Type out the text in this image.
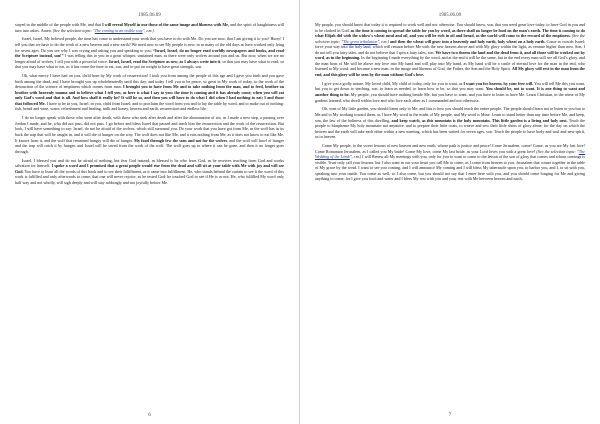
1985.06.09

stayed in the middle of the people with Me, and that I will reveal Myself in our those of the same image and likeness with Me, and the spirit of haughtiness will turn into ashes. Amen. (See the selection topic: "The coming in an visible way", r.m.)

Israel, Israel, My beloved people, the time has come to understand your work that you have to do with Me. Do you see now, that I am giving it to you? Hurry! I tell you that we have to do the work of a new heaven and a new earth? We need now to see My people is new, in as many of the old days as have worked only lying for seven ages. Do you see why I was crying and asking you and speaking to you: “Israel, Israel, do no longer read worldly newspapers and books, and read the Scripture instead, son!” I was telling this to you in a great whisper, unstained man, as there were only wolves around you and us. But now, when we are no longer afraid of wolves, I tell you with a powerful voice: Israel, Israel, read the Scripture as new, as I always write into it, so that you may have what to read, so that you may have what to eat, as it has come the time to eat, son, and to put on weight to have great strength, son.

Oh, what mercy I have had on you, child born by My work of resurrection! I took you from among the people of this age and I gave you birth and you gave birth among the dead, and I have brought you up wholeheartedly until this day, and today I tell you to be peace, so great in My work of today, to the work of the destruction of the science of emptiness which comes from man. I brought you to have from Me and to take nothing from the man, and to feed, brother on brother with heavenly manna and to believe what I tell you, as here is what I say to you: the time is coming and it has already come, when you will eat only God's word and that is all. And how shall it really be? It will be so, and then you will have to do what I did when I had nothing to eat; I and those that followed Me. I have to be in you, Israel, in you, child from Israel, and to proclaim the word from you and to lay the table by word, and to make out of nothing: fish, bread and wine, water, refreshment and healing, milk and honey, heaven and earth, resurrection and endless life.

I do no longer speak with those who went after death, with those who seek after death and after the abomination of sin, as I made a new step, a passing over Jordan I made, and he, who did not pass, did not pass. I go before and bless Israel that passed and teach him the resurrection and the work of the resurrection. But look, I still have something to say: Israel, do not be afraid of the wolves, which still surround you. Do your work that you have got from Me, as the wolf has in its back the trap that will be caught in, and it will die of hunger on the way. The wolf does not like Me, and it eats nothing from Me, as it does not know to eat like Me. It knows from it, and the wolf that remained hungry will die of hunger. My food through few the sons and not for the wolves, and the wolf will howl of hunger and the trap will catch it by hunger, and Israel will be saved from the work of the wolf. The wolf goes up to where it can be gone, and then it no longer goes through.

Israel, I blessed you and do not be afraid of nothing, but fear God instead, as blessed is he who fears God, as he receives teaching from God and works salvation for himself. I spoke a word and I promised that a great people would rise from the dead and will sit at your table with Me with joy and will see God. You have to learn all the words of this book and to see their fulfillment, as it came into fulfillment. He, who stands behind the curtain to see it the word of this work is fulfilled and only afterwards to come; that one will never rejoice, as he tested God; he touched God to see if He is or not. He, who fulfilled My word only half way and not wholly, will sigh deeply and will stay sobbingly and not joyfully before Me.

6
1985.06.09

My people, you should know that today it is required to work well and not otherwise. You should know, son, that you need great love today, to have God in you and to be clothed in God, as the time is coming to spread the table for you by word, as there shall no longer be food on the man's earth. The time is coming to do what Elijah did with the widow's wheat meal and oil, and you will be rich in oil and bread, as the world will come to the reward of the emptiness. (See the selection topic: "The great tribulation", r.m.) and then the wheat will grow into a heavenly and holy earth, holy wheat on a holy earth. Come in crowds Israel; force your way into the holy land, which will remain before Me with the new heaven above and with My glory within the light, as venture higher than now. Son, I do not tell you fairy tales, and do not believe that I spin a fairy tales, son. We have two thorns the land and the dead from it, and all those will be worked out by word, as in the beginning. In the beginning I made everything by the word, and at the end it will be the same, but in the end every man will see all God's glory, and the man born of Me will be above any love into My hand and will play into My hand, as My hand will be a castle of eternal love for the man in the end, who listened to My word, and became a new man, in the image and likeness of God, the Father, the Son and the Holy Spirit. All My glory will rest in the man from the end, and this glory will be seen by the man without God's love.

I give you a godly nature, My loved child, My child of today, only for you to want, as I want you for heaven, by your free will. You will tell Me this you want, but you to get down to teaching, son, to learn as needed, to learn how to be, so that you may want. You should be, not to want. It is one thing to want and another thing to be. My people, you should have nothing beside Me, but you have to want, and you have to learn to have Me. Learn Christian, in the sense of My gardens learned, who dwell within love and who love each other as I commanded and not otherwise.

Oh, sons of My little garden, you should listen only to Me, and this is how you should teach the entire people. The people should learn not to listen to you but to Me and to My working toward them, as I have My word in the midst of My people, and My word is Mine. Learn to stand better than any time before Me, and keep, son, the law of the holiness of this dwelling, and keep watch, as this mountain is the holy mountain. This little garden is a living and holy nest. Teach the people to blaspheme My holy mountain not anymore, and to prepare their little coats, to weave and sew their little shirts of glory alone, for the day on which the heaven and the earth will take each other within a new meeting, which has been waited for seven ages, son. Teach the people to have body and soul and new spirit, as in heaven.

Come My people, to the sweet lessons of new heaven and new earth, whose path is justice and peace! Come Jerusalem, come! Come, as you are My last love! Come Romanian Jerusalem, as I called you My bride! Come My love, come My last bride, as your Lord loves you with a great love! (See the selection topic: "The Wedding of the Lamb", r.m.) I will Renew all My meetings with you, only for you to want to come to the lesson of the son of glory that comes and whose comings is visible. Trust only call your lessons, but I also want in our your heart you call Me to come, as I come from heaven to you, Jerusalem that comes together in the table of My grace by the word. I want to see you coming, and I will announce My coming and I will bless My tabernacle upon you, to harbor you, and I, to sit with you, speaking into your inside. You come as well, so I also come, but you should not say that I enter here with you, and you should come longing for Me and giving anything to come, for I give you food and water and I bless My rest with you and your rest with Me between heaven and earth.

7
